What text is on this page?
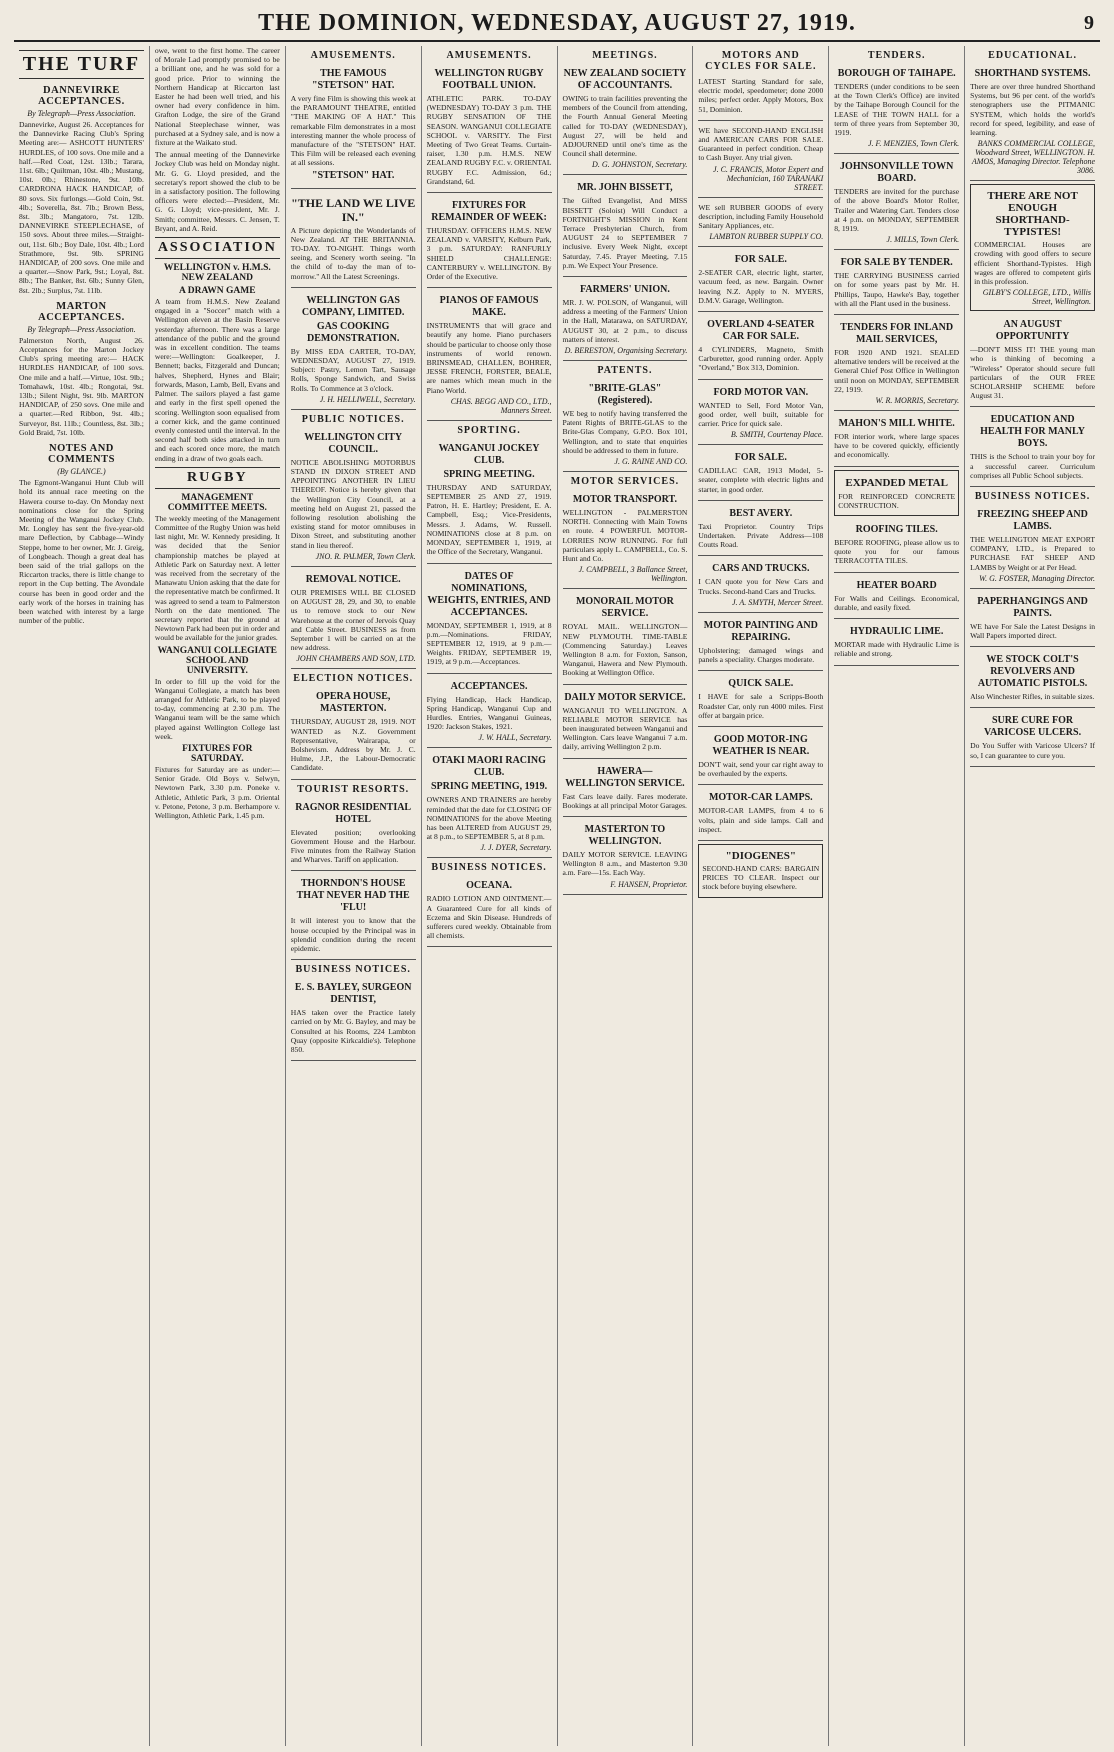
THE DOMINION, WEDNESDAY, AUGUST 27, 1919.	9
THE TURF
DANNEVIRKE ACCEPTANCES.
By Telegraph—Press Association.

Dannevirke, August 26. Acceptances for the Dannevirke Racing Club's Spring Meeting are:— ASHCOTT HUNTERS' HURDLES, of 100 sovs. One mile and a half.—Red Coat, 12st. 13lb.; Tarara, 11st. 6lb.; Quiltman, 10st. 4lb.; Mustang, 10st. 0lb.; Rhinestone, 9st. 10lb. CARDRONA HACK HANDICAP, of 80 sovs. Six furlongs.—Gold Coin, 9st. 4lb.; Soverella, 8st. 7lb.; Brown Bess, 8st. 3lb.; Mangatoro, 7st. 12lb. DANNEVIRKE STEEPLECHASE, of 150 sovs. About three miles.—Straight-out, 11st. 6lb.; Boy Dale, 10st. 4lb.; Lord Strathmore, 9st. 9lb. SPRING HANDICAP, of 200 sovs. One mile and a quarter.—Snow Park, 9st.; Loyal, 8st. 8lb.; The Banker, 8st. 6lb.; Sunny Glen, 8st. 2lb.; Surplus, 7st. 11lb.

MARTON ACCEPTANCES.
By Telegraph—Press Association.

Palmerston North, August 26. Acceptances for the Marton Jockey Club's spring meeting are:— HACK HURDLES HANDICAP, of 100 sovs. One mile and a half.—Virtue, 10st. 9lb.; Tomahawk, 10st. 4lb.; Rongotai, 9st. 13lb.; Silent Night, 9st. 9lb. MARTON HANDICAP, of 250 sovs. One mile and a quarter.—Red Ribbon, 9st. 4lb.; Surveyor, 8st. 11lb.; Countless, 8st. 3lb.; Gold Braid, 7st. 10lb.

NOTES AND COMMENTS
(By GLANCE.)

The Egmont-Wanganui Hunt Club will hold its annual race meeting on the Hawera course to-day. On Monday next nominations close for the Spring Meeting of the Wanganui Jockey Club. Mr. Longley has sent the five-year-old mare Deflection, by Cabbage—Windy Steppe, home to her owner, Mr. J. Greig, of Longbeach. Though a great deal has been said of the trial gallops on the Riccarton tracks, there is little change to report in the Cup betting. The Avondale course has been in good order and the early work of the horses in training has been watched with interest by a large number of the public.

owe, went to the first home. The career of Morale Lad promptly promised to be a brilliant one, and he was sold for a good price. Prior to winning the Northern Handicap at Riccarton last Easter he had been well tried, and his owner had every confidence in him. Grafton Lodge, the sire of the Grand National Steeplechase winner, was purchased at a Sydney sale, and is now a fixture at the Waikato stud.

The annual meeting of the Dannevirke Jockey Club was held on Monday night. Mr. G. G. Lloyd presided, and the secretary's report showed the club to be in a satisfactory position. The following officers were elected:—President, Mr. G. G. Lloyd; vice-president, Mr. J. Smith; committee, Messrs. C. Jensen, T. Bryant, and A. Reid.

ASSOCIATION
WELLINGTON v. H.M.S. NEW ZEALAND
A DRAWN GAME

A team from H.M.S. New Zealand engaged in a "Soccer" match with a Wellington eleven at the Basin Reserve yesterday afternoon. There was a large attendance of the public and the ground was in excellent condition. The teams were:—Wellington: Goalkeeper, J. Bennett; backs, Fitzgerald and Duncan; halves, Shepherd, Hynes and Blair; forwards, Mason, Lamb, Bell, Evans and Palmer. The sailors played a fast game and early in the first spell opened the scoring. Wellington soon equalised from a corner kick, and the game continued evenly contested until the interval. In the second half both sides attacked in turn and each scored once more, the match ending in a draw of two goals each.

RUGBY
MANAGEMENT COMMITTEE MEETS.

The weekly meeting of the Management Committee of the Rugby Union was held last night, Mr. W. Kennedy presiding. It was decided that the Senior championship matches be played at Athletic Park on Saturday next. A letter was received from the secretary of the Manawatu Union asking that the date for the representative match be confirmed. It was agreed to send a team to Palmerston North on the date mentioned. The secretary reported that the ground at Newtown Park had been put in order and would be available for the junior grades.

WANGANUI COLLEGIATE SCHOOL AND UNIVERSITY.

In order to fill up the void for the Wanganui Collegiate, a match has been arranged for Athletic Park, to be played to-day, commencing at 2.30 p.m. The Wanganui team will be the same which played against Wellington College last week.

FIXTURES FOR SATURDAY.

Fixtures for Saturday are as under:—Senior Grade. Old Boys v. Selwyn, Newtown Park, 3.30 p.m. Poneke v. Athletic, Athletic Park, 3 p.m. Oriental v. Petone, Petone, 3 p.m. Berhampore v. Wellington, Athletic Park, 1.45 p.m.

AMUSEMENTS.
THE FAMOUS "STETSON" HAT.

A very fine Film is showing this week at the PARAMOUNT THEATRE, entitled "THE MAKING OF A HAT." This remarkable Film demonstrates in a most interesting manner the whole process of manufacture of the "STETSON" HAT. This Film will be released each evening at all sessions.

"STETSON" HAT.
"THE LAND WE LIVE IN."

A Picture depicting the Wonderlands of New Zealand. AT THE BRITANNIA. TO-DAY. TO-NIGHT. Things worth seeing, and Scenery worth seeing. "In the child of to-day the man of to-morrow." All the Latest Screenings.

WELLINGTON GAS COMPANY, LIMITED.
GAS COOKING DEMONSTRATION.

By MISS EDA CARTER, TO-DAY, WEDNESDAY, AUGUST 27, 1919. Subject: Pastry, Lemon Tart, Sausage Rolls, Sponge Sandwich, and Swiss Rolls. To Commence at 3 o'clock.

J. H. HELLIWELL, Secretary.
PUBLIC NOTICES.
WELLINGTON CITY COUNCIL.

NOTICE ABOLISHING MOTORBUS STAND IN DIXON STREET AND APPOINTING ANOTHER IN LIEU THEREOF. Notice is hereby given that the Wellington City Council, at a meeting held on August 21, passed the following resolution abolishing the existing stand for motor omnibuses in Dixon Street, and substituting another stand in lieu thereof.

JNO. R. PALMER, Town Clerk.
REMOVAL NOTICE.

OUR PREMISES WILL BE CLOSED on AUGUST 28, 29, and 30, to enable us to remove stock to our New Warehouse at the corner of Jervois Quay and Cable Street. BUSINESS as from September 1 will be carried on at the new address.

JOHN CHAMBERS AND SON, LTD.
ELECTION NOTICES.
OPERA HOUSE, MASTERTON.

THURSDAY, AUGUST 28, 1919. NOT WANTED as N.Z. Government Representative, Wairarapa, or Bolshevism. Address by Mr. J. C. Hulme, J.P., the Labour-Democratic Candidate.

TOURIST RESORTS.
RAGNOR RESIDENTIAL HOTEL

Elevated position; overlooking Government House and the Harbour. Five minutes from the Railway Station and Wharves. Tariff on application.

THORNDON'S HOUSE THAT NEVER HAD THE 'FLU!

It will interest you to know that the house occupied by the Principal was in splendid condition during the recent epidemic.

BUSINESS NOTICES.
E. S. BAYLEY, SURGEON DENTIST,

HAS taken over the Practice lately carried on by Mr. G. Bayley, and may be Consulted at his Rooms, 224 Lambton Quay (opposite Kirkcaldie's). Telephone 850.

AMUSEMENTS.
WELLINGTON RUGBY FOOTBALL UNION.

ATHLETIC PARK. TO-DAY (WEDNESDAY) TO-DAY 3 p.m. THE RUGBY SENSATION OF THE SEASON. WANGANUI COLLEGIATE SCHOOL v. VARSITY. The First Meeting of Two Great Teams. Curtain-raiser, 1.30 p.m. H.M.S. NEW ZEALAND RUGBY F.C. v. ORIENTAL RUGBY F.C. Admission, 6d.; Grandstand, 6d.

FIXTURES FOR REMAINDER OF WEEK:

THURSDAY. OFFICERS H.M.S. NEW ZEALAND v. VARSITY, Kelburn Park, 3 p.m. SATURDAY: RANFURLY SHIELD CHALLENGE: CANTERBURY v. WELLINGTON. By Order of the Executive.

PIANOS OF FAMOUS MAKE.

INSTRUMENTS that will grace and beautify any home. Piano purchasers should be particular to choose only those instruments of world renown. BRINSMEAD, CHALLEN, BOHRER, JESSE FRENCH, FORSTER, BEALE, are names which mean much in the Piano World.

CHAS. BEGG AND CO., LTD., Manners Street.
SPORTING.
WANGANUI JOCKEY CLUB.
SPRING MEETING.

THURSDAY AND SATURDAY, SEPTEMBER 25 AND 27, 1919. Patron, H. E. Hartley; President, E. A. Campbell, Esq.; Vice-Presidents, Messrs. J. Adams, W. Russell. NOMINATIONS close at 8 p.m. on MONDAY, SEPTEMBER 1, 1919, at the Office of the Secretary, Wanganui.

DATES OF NOMINATIONS, WEIGHTS, ENTRIES, AND ACCEPTANCES.

MONDAY, SEPTEMBER 1, 1919, at 8 p.m.—Nominations. FRIDAY, SEPTEMBER 12, 1919, at 9 p.m.—Weights. FRIDAY, SEPTEMBER 19, 1919, at 9 p.m.—Acceptances.

ACCEPTANCES.

Flying Handicap, Hack Handicap, Spring Handicap, Wanganui Cup and Hurdles. Entries, Wanganui Guineas, 1920: Jackson Stakes, 1921.

J. W. HALL, Secretary.
OTAKI MAORI RACING CLUB.
SPRING MEETING, 1919.

OWNERS AND TRAINERS are hereby reminded that the date for CLOSING OF NOMINATIONS for the above Meeting has been ALTERED from AUGUST 29, at 8 p.m., to SEPTEMBER 5, at 8 p.m.

J. J. DYER, Secretary.
BUSINESS NOTICES.
OCEANA.

RADIO LOTION AND OINTMENT.—A Guaranteed Cure for all kinds of Eczema and Skin Disease. Hundreds of sufferers cured weekly. Obtainable from all chemists.

MEETINGS.
NEW ZEALAND SOCIETY OF ACCOUNTANTS.

OWING to train facilities preventing the members of the Council from attending, the Fourth Annual General Meeting called for TO-DAY (WEDNESDAY), August 27, will be held and ADJOURNED until one's time as the Council shall determine.

D. G. JOHNSTON, Secretary.
MR. JOHN BISSETT,

The Gifted Evangelist, And MISS BISSETT (Soloist) Will Conduct a FORTNIGHT'S MISSION in Kent Terrace Presbyterian Church, from AUGUST 24 to SEPTEMBER 7 inclusive. Every Week Night, except Saturday, 7.45. Prayer Meeting, 7.15 p.m. We Expect Your Presence.

FARMERS' UNION.

MR. J. W. POLSON, of Wanganui, will address a meeting of the Farmers' Union in the Hall, Matarawa, on SATURDAY, AUGUST 30, at 2 p.m., to discuss matters of interest.

D. BERESTON, Organising Secretary.
PATENTS.
"BRITE-GLAS" (Registered).

WE beg to notify having transferred the Patent Rights of BRITE-GLAS to the Brite-Glas Company, G.P.O. Box 101, Wellington, and to state that enquiries should be addressed to them in future.

J. G. RAINE AND CO.
MOTOR SERVICES.
MOTOR TRANSPORT.

WELLINGTON - PALMERSTON NORTH. Connecting with Main Towns en route. 4 POWERFUL MOTOR-LORRIES NOW RUNNING. For full particulars apply L. CAMPBELL, Co. S. Hunt and Co.

J. CAMPBELL, 3 Ballance Street, Wellington.
MONORAIL MOTOR SERVICE.

ROYAL MAIL. WELLINGTON—NEW PLYMOUTH. TIME-TABLE (Commencing Saturday.) Leaves Wellington 8 a.m. for Foxton, Sanson, Wanganui, Hawera and New Plymouth. Booking at Wellington Office.

DAILY MOTOR SERVICE.

WANGANUI TO WELLINGTON. A RELIABLE MOTOR SERVICE has been inaugurated between Wanganui and Wellington. Cars leave Wanganui 7 a.m. daily, arriving Wellington 2 p.m.

HAWERA—WELLINGTON SERVICE.

Fast Cars leave daily. Fares moderate. Bookings at all principal Motor Garages.

MASTERTON TO WELLINGTON.

DAILY MOTOR SERVICE. LEAVING Wellington 8 a.m., and Masterton 9.30 a.m. Fare—15s. Each Way.

F. HANSEN, Proprietor.
MOTORS AND CYCLES FOR SALE.

LATEST Starting Standard for sale, electric model, speedometer; done 2000 miles; perfect order. Apply Motors, Box 51, Dominion.

WE have SECOND-HAND ENGLISH and AMERICAN CARS FOR SALE. Guaranteed in perfect condition. Cheap to Cash Buyer. Any trial given.

J. C. FRANCIS, Motor Expert and Mechanician, 160 TARANAKI STREET.

WE sell RUBBER GOODS of every description, including Family Household Sanitary Appliances, etc.

LAMBTON RUBBER SUPPLY CO.
FOR SALE.

2-SEATER CAR, electric light, starter, vacuum feed, as new. Bargain. Owner leaving N.Z. Apply to N. MYERS, D.M.V. Garage, Wellington.

OVERLAND 4-SEATER CAR FOR SALE.

4 CYLINDERS, Magneto, Smith Carburetter, good running order. Apply "Overland," Box 313, Dominion.

FORD MOTOR VAN.

WANTED to Sell, Ford Motor Van, good order, well built, suitable for carrier. Price for quick sale.

B. SMITH, Courtenay Place.
FOR SALE.

CADILLAC CAR, 1913 Model, 5-seater, complete with electric lights and starter, in good order.

BEST AVERY.

Taxi Proprietor. Country Trips Undertaken. Private Address—108 Coutts Road.

CARS AND TRUCKS.

I CAN quote you for New Cars and Trucks. Second-hand Cars and Trucks.

J. A. SMYTH, Mercer Street.
MOTOR PAINTING AND REPAIRING.

Upholstering; damaged wings and panels a speciality. Charges moderate.

QUICK SALE.

I HAVE for sale a Scripps-Booth Roadster Car, only run 4000 miles. First offer at bargain price.

GOOD MOTOR-ING WEATHER IS NEAR.

DON'T wait, send your car right away to be overhauled by the experts.

MOTOR-CAR LAMPS.

MOTOR-CAR LAMPS, from 4 to 6 volts, plain and side lamps. Call and inspect.

"DIOGENES"

SECOND-HAND CARS: BARGAIN PRICES TO CLEAR. Inspect our stock before buying elsewhere.

TENDERS.
BOROUGH OF TAIHAPE.

TENDERS (under conditions to be seen at the Town Clerk's Office) are invited by the Taihape Borough Council for the LEASE of THE TOWN HALL for a term of three years from September 30, 1919.

J. F. MENZIES, Town Clerk.
JOHNSONVILLE TOWN BOARD.

TENDERS are invited for the purchase of the above Board's Motor Roller, Trailer and Watering Cart. Tenders close at 4 p.m. on MONDAY, SEPTEMBER 8, 1919.

J. MILLS, Town Clerk.
FOR SALE BY TENDER.

THE CARRYING BUSINESS carried on for some years past by Mr. H. Phillips, Taupo, Hawke's Bay, together with all the Plant used in the business.

TENDERS FOR INLAND MAIL SERVICES,

FOR 1920 AND 1921. SEALED alternative tenders will be received at the General Chief Post Office in Wellington until noon on MONDAY, SEPTEMBER 22, 1919.

W. R. MORRIS, Secretary.
MAHON'S MILL WHITE.

FOR interior work, where large spaces have to be covered quickly, efficiently and economically.

EXPANDED METAL

FOR REINFORCED CONCRETE CONSTRUCTION.

ROOFING TILES.

BEFORE ROOFING, please allow us to quote you for our famous TERRACOTTA TILES.

HEATER BOARD

For Walls and Ceilings. Economical, durable, and easily fixed.

HYDRAULIC LIME.

MORTAR made with Hydraulic Lime is reliable and strong.

EDUCATIONAL.
SHORTHAND SYSTEMS.

There are over three hundred Shorthand Systems, but 96 per cent. of the world's stenographers use the PITMANIC SYSTEM, which holds the world's record for speed, legibility, and ease of learning.

BANKS COMMERCIAL COLLEGE, Woodward Street, WELLINGTON. H. AMOS, Managing Director. Telephone 3086.
THERE ARE NOT ENOUGH SHORTHAND-TYPISTES!

COMMERCIAL Houses are crowding with good offers to secure efficient Shorthand-Typistes. High wages are offered to competent girls in this profession.

GILBY'S COLLEGE, LTD., Willis Street, Wellington.
AN AUGUST OPPORTUNITY

—DON'T MISS IT! THE young man who is thinking of becoming a "Wireless" Operator should secure full particulars of the OUR FREE SCHOLARSHIP SCHEME before August 31.

EDUCATION AND HEALTH FOR MANLY BOYS.

THIS is the School to train your boy for a successful career. Curriculum comprises all Public School subjects.

BUSINESS NOTICES.
FREEZING SHEEP AND LAMBS.

THE WELLINGTON MEAT EXPORT COMPANY, LTD., is Prepared to PURCHASE FAT SHEEP AND LAMBS by Weight or at Per Head.

W. G. FOSTER, Managing Director.
PAPERHANGINGS AND PAINTS.

WE have For Sale the Latest Designs in Wall Papers imported direct.

WE STOCK COLT'S REVOLVERS AND AUTOMATIC PISTOLS.

Also Winchester Rifles, in suitable sizes.

SURE CURE FOR VARICOSE ULCERS.

Do You Suffer with Varicose Ulcers? If so, I can guarantee to cure you.
